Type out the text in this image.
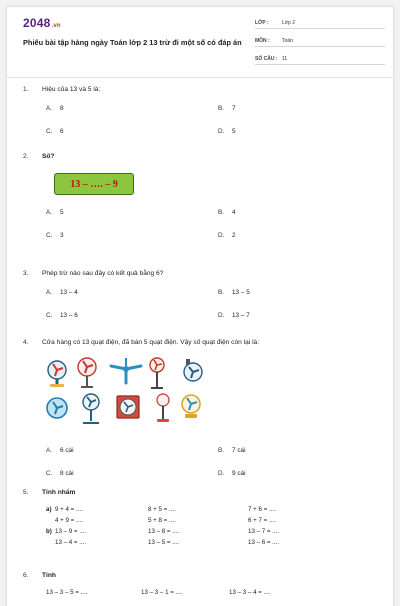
2048.vn
Phiếu bài tập hàng ngày Toán lớp 2 13 trừ đi một số có đáp án
LỚP :	Lớp 2
MÔN :	Toán
SỐ CÂU : 11
1.	Hiệu của 13 và 5 là:
A.	8	B.	7
C.	6	D.	5
2.	Số?
13 – …. – 9
A.	5	B.	4
C.	3	D.	2
3.	Phép trừ nào sau đây có kết quả bằng 6?
A.	13 – 4	B.	13 – 5
C.	13 – 6	D.	13 – 7
4.	Cửa hàng có 13 quạt điện, đã bán 5 quạt điện. Vậy số quạt điện còn lại là:
A.	6 cái	B.	7 cái
C.	8 cái	D.	9 cái
5.	Tính nhẩm
a) 9 + 4 = ....	8 + 5 = ....	7 + 6 = ....
4 + 9 = ....	5 + 8 = ....	6 + 7 = ....
b) 13 – 9 = ....	13 – 8 = ....	13 – 7 = ....
13 – 4 = ....	13 – 5 = ....	13 – 6 = ....
6.	Tính
13 – 3 – 5 = ....	13 – 3 – 1 = ....	13 – 3 – 4 = ....
